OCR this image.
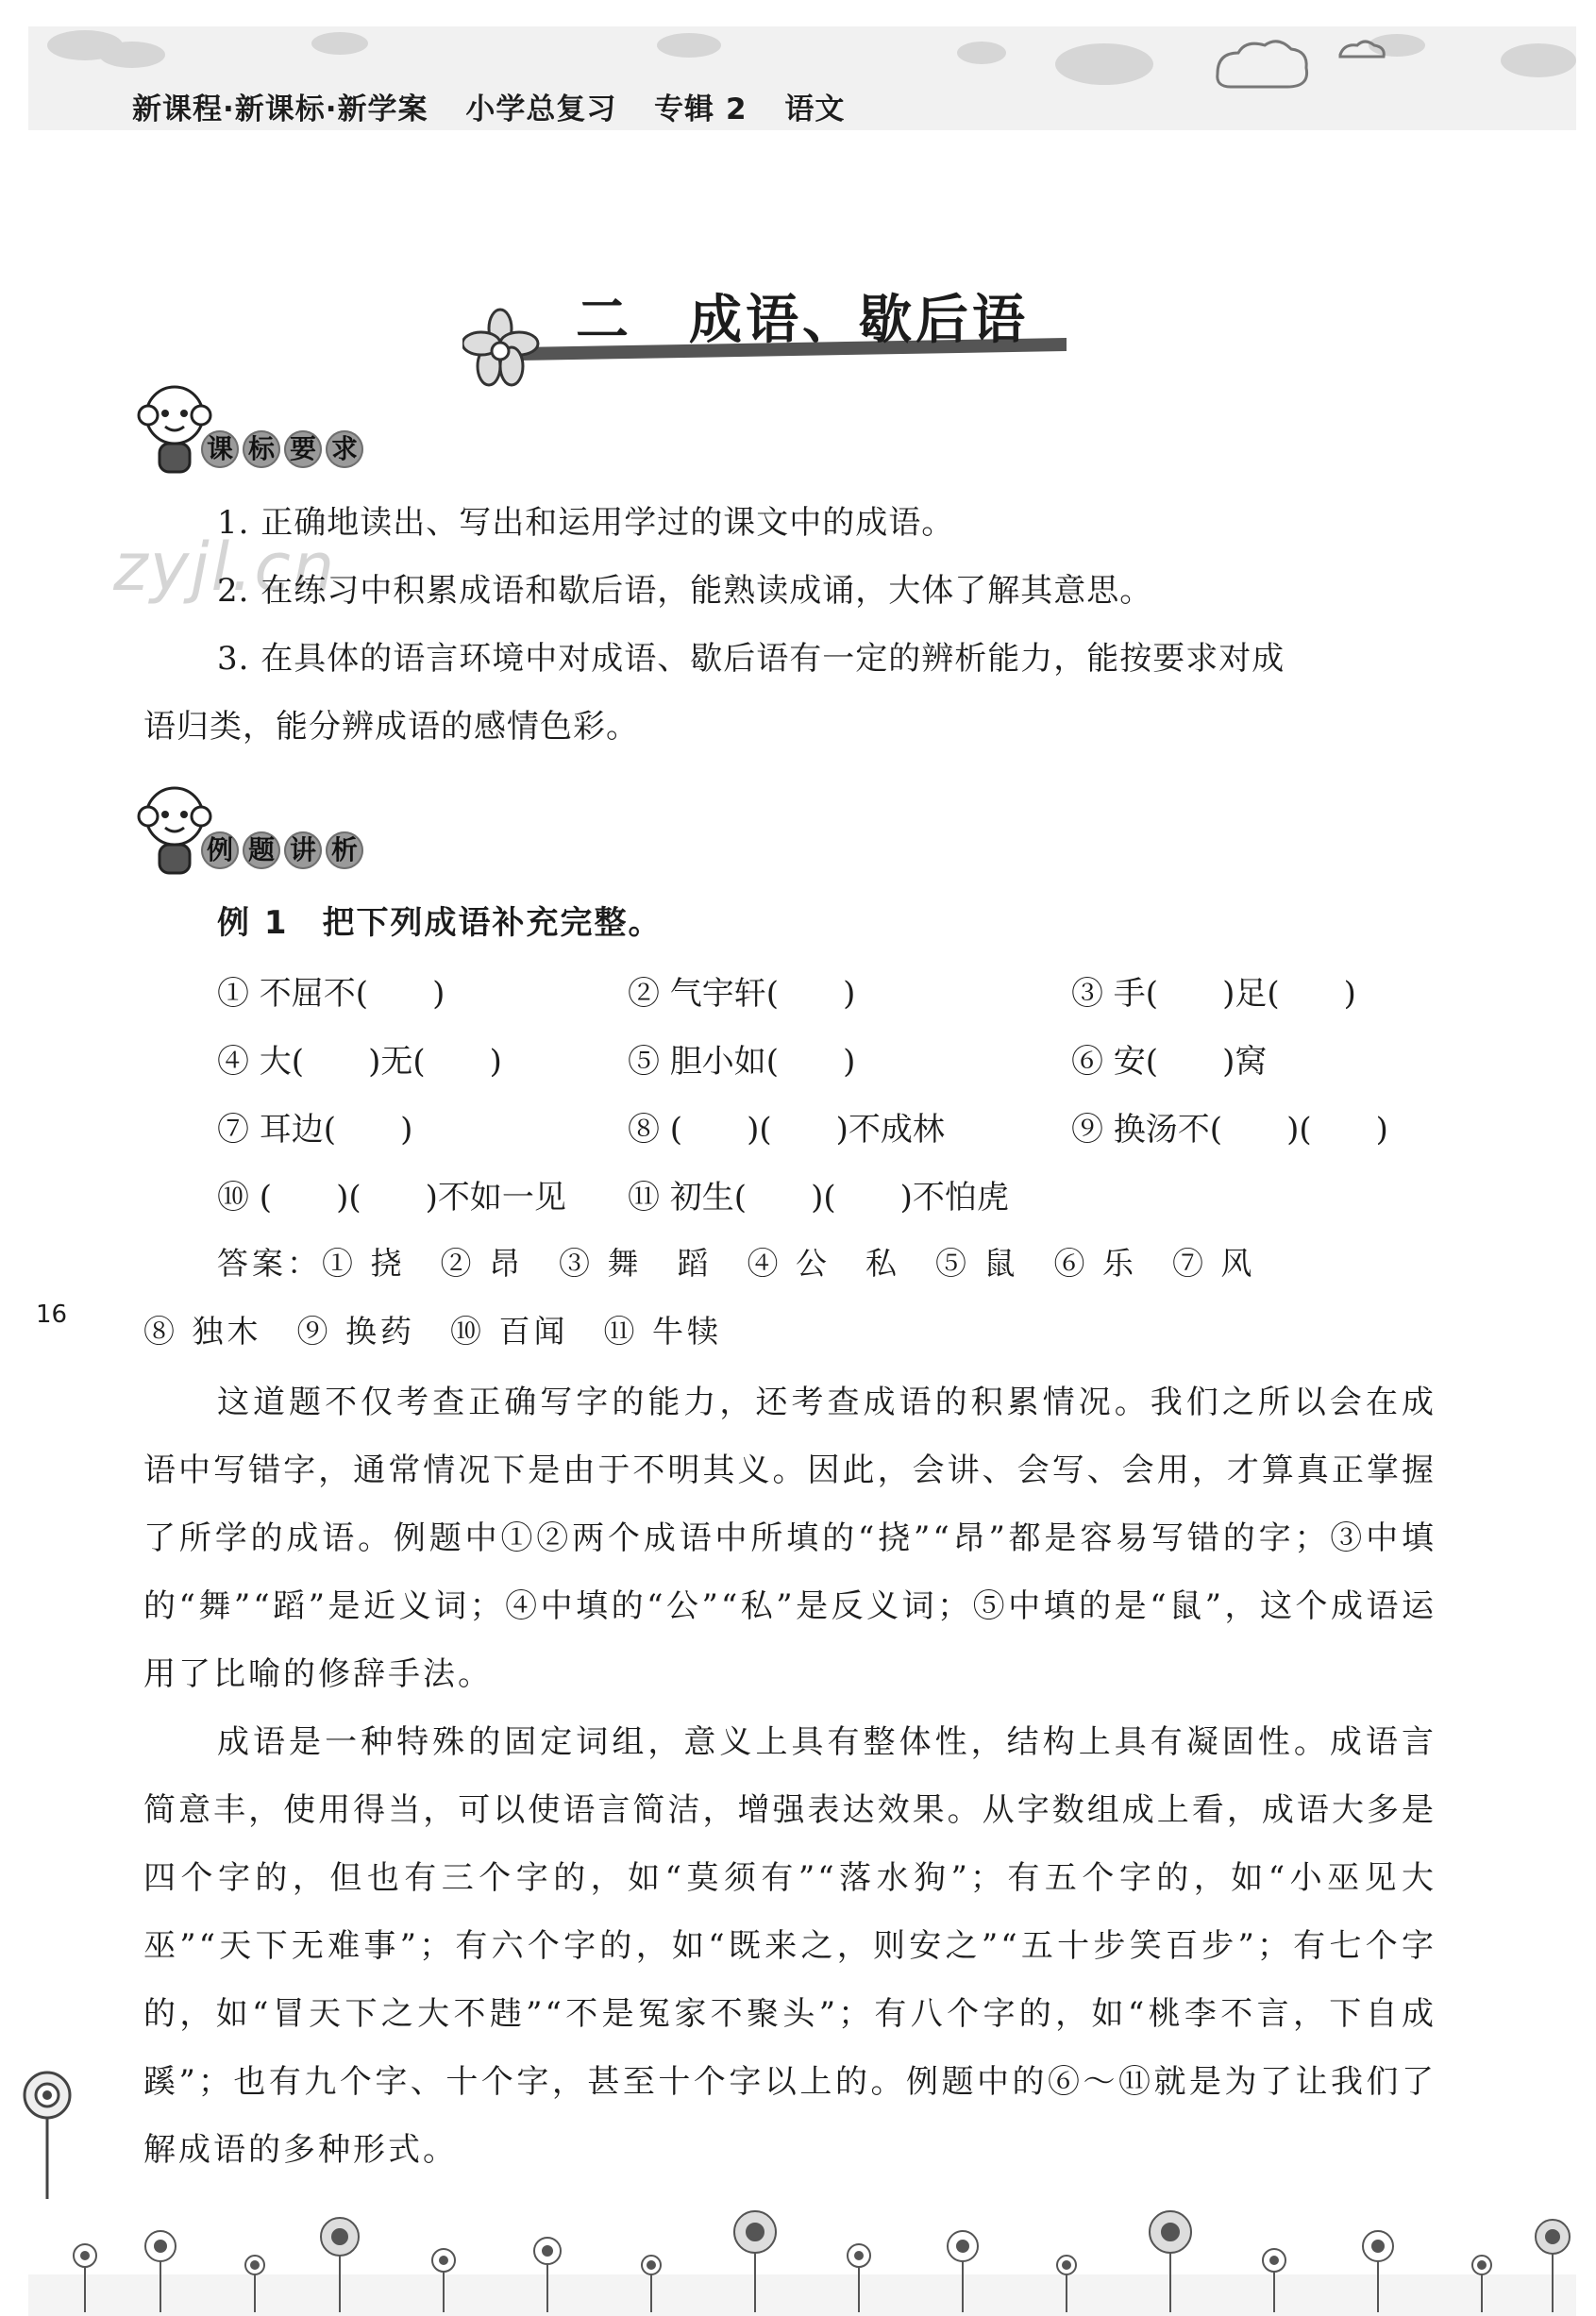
新课程·新课标·新学案 小学总复习 专辑 2 语文
二　成语、歇后语
课 标 要 求
zyjl.cn
1. 正确地读出、写出和运用学过的课文中的成语。
2. 在练习中积累成语和歇后语，能熟读成诵，大体了解其意思。
3. 在具体的语言环境中对成语、歇后语有一定的辨析能力，能按要求对成
语归类，能分辨成语的感情色彩。
例 题 讲 析
例 1　把下列成语补充完整。
① 不屈不(　　)	② 气宇轩(　　)	③ 手(　　)足(　　)
④ 大(　　)无(　　)	⑤ 胆小如(　　)	⑥ 安(　　)窝
⑦ 耳边(　　)	⑧ (　　)(　　)不成林	⑨ 换汤不(　　)(　　)
⑩ (　　)(　　)不如一见 ⑪ 初生(　　)(　　)不怕虎
答案：① 挠　② 昂　③ 舞　蹈　④ 公　私　⑤ 鼠　⑥ 乐　⑦ 风
⑧ 独木　⑨ 换药　⑩ 百闻　⑪ 牛犊
这道题不仅考查正确写字的能力，还考查成语的积累情况。我们之所以会在成语中写错字，通常情况下是由于不明其义。因此，会讲、会写、会用，才算真正掌握了所学的成语。例题中①②两个成语中所填的“挠”“昂”都是容易写错的字；③中填的“舞”“蹈”是近义词；④中填的“公”“私”是反义词；⑤中填的是“鼠”，这个成语运用了比喻的修辞手法。
成语是一种特殊的固定词组，意义上具有整体性，结构上具有凝固性。成语言简意丰，使用得当，可以使语言简洁，增强表达效果。从字数组成上看，成语大多是四个字的，但也有三个字的，如“莫须有”“落水狗”；有五个字的，如“小巫见大巫”“天下无难事”；有六个字的，如“既来之，则安之”“五十步笑百步”；有七个字的，如“冒天下之大不韪”“不是冤家不聚头”；有八个字的，如“桃李不言，下自成蹊”；也有九个字、十个字，甚至十个字以上的。例题中的⑥～⑪就是为了让我们了解成语的多种形式。
16
